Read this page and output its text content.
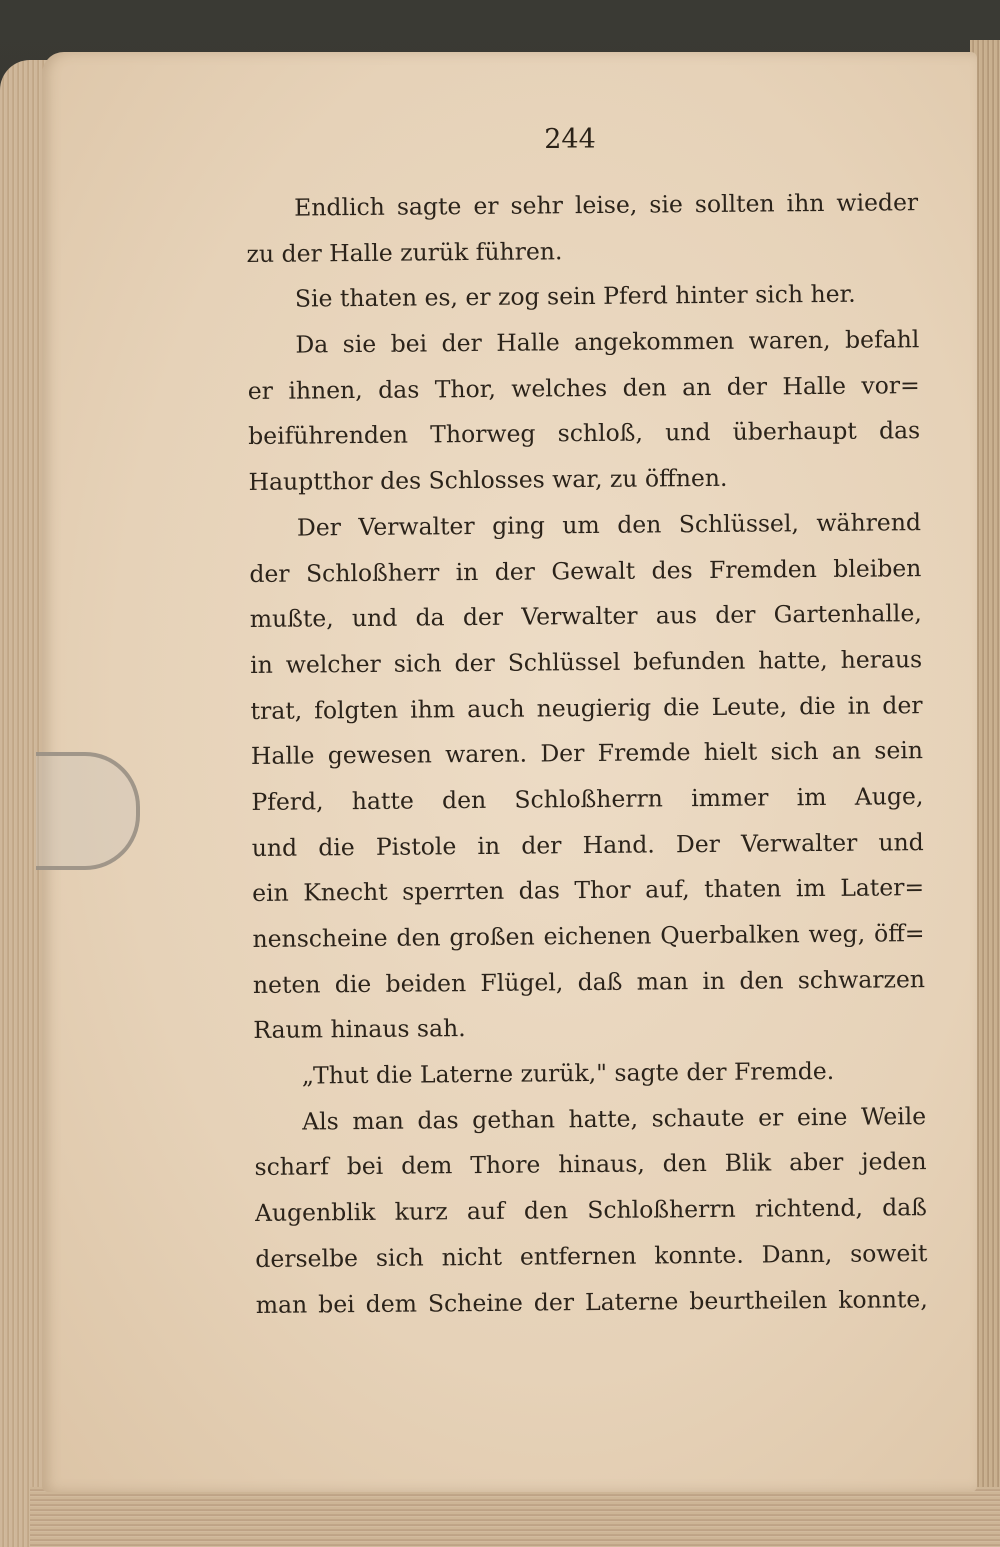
244
Endlich sagte er sehr leise, sie sollten ihn wieder
zu der Halle zurük führen.
Sie thaten es, er zog sein Pferd hinter sich her.
Da sie bei der Halle angekommen waren, befahl
er ihnen, das Thor, welches den an der Halle vor=
beiführenden Thorweg schloß, und überhaupt das
Hauptthor des Schlosses war, zu öffnen.
Der Verwalter ging um den Schlüssel, während
der Schloßherr in der Gewalt des Fremden bleiben
mußte, und da der Verwalter aus der Gartenhalle,
in welcher sich der Schlüssel befunden hatte, heraus
trat, folgten ihm auch neugierig die Leute, die in der
Halle gewesen waren. Der Fremde hielt sich an sein
Pferd, hatte den Schloßherrn immer im Auge,
und die Pistole in der Hand. Der Verwalter und
ein Knecht sperrten das Thor auf, thaten im Later=
nenscheine den großen eichenen Querbalken weg, öff=
neten die beiden Flügel, daß man in den schwarzen
Raum hinaus sah.
„Thut die Laterne zurük," sagte der Fremde.
Als man das gethan hatte, schaute er eine Weile
scharf bei dem Thore hinaus, den Blik aber jeden
Augenblik kurz auf den Schloßherrn richtend, daß
derselbe sich nicht entfernen konnte. Dann, soweit
man bei dem Scheine der Laterne beurtheilen konnte,
